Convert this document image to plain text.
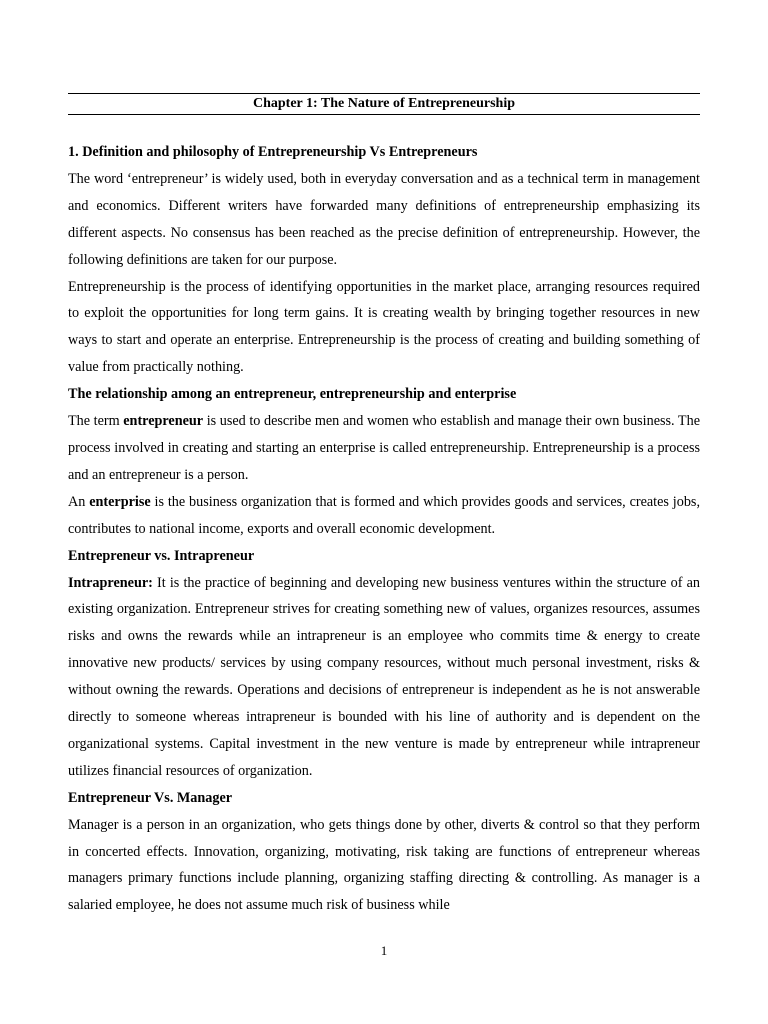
Chapter 1: The Nature of Entrepreneurship
1. Definition and philosophy of Entrepreneurship Vs Entrepreneurs

The word ‘entrepreneur’ is widely used, both in everyday conversation and as a technical term in management and economics. Different writers have forwarded many definitions of entrepreneurship emphasizing its different aspects. No consensus has been reached as the precise definition of entrepreneurship. However, the following definitions are taken for our purpose.

Entrepreneurship is the process of identifying opportunities in the market place, arranging resources required to exploit the opportunities for long term gains. It is creating wealth by bringing together resources in new ways to start and operate an enterprise. Entrepreneurship is the process of creating and building something of value from practically nothing.

The relationship among an entrepreneur, entrepreneurship and enterprise

The term entrepreneur is used to describe men and women who establish and manage their own business. The process involved in creating and starting an enterprise is called entrepreneurship. Entrepreneurship is a process and an entrepreneur is a person.

An enterprise is the business organization that is formed and which provides goods and services, creates jobs, contributes to national income, exports and overall economic development.

Entrepreneur vs. Intrapreneur

Intrapreneur: It is the practice of beginning and developing new business ventures within the structure of an existing organization. Entrepreneur strives for creating something new of values, organizes resources, assumes risks and owns the rewards while an intrapreneur is an employee who commits time & energy to create innovative new products/ services by using company resources, without much personal investment, risks & without owning the rewards. Operations and decisions of entrepreneur is independent as he is not answerable directly to someone whereas intrapreneur is bounded with his line of authority and is dependent on the organizational systems. Capital investment in the new venture is made by entrepreneur while intrapreneur utilizes financial resources of organization.

Entrepreneur Vs. Manager

Manager is a person in an organization, who gets things done by other, diverts & control so that they perform in concerted effects. Innovation, organizing, motivating, risk taking are functions of entrepreneur whereas managers primary functions include planning, organizing staffing directing & controlling. As manager is a salaried employee, he does not assume much risk of business while

1
